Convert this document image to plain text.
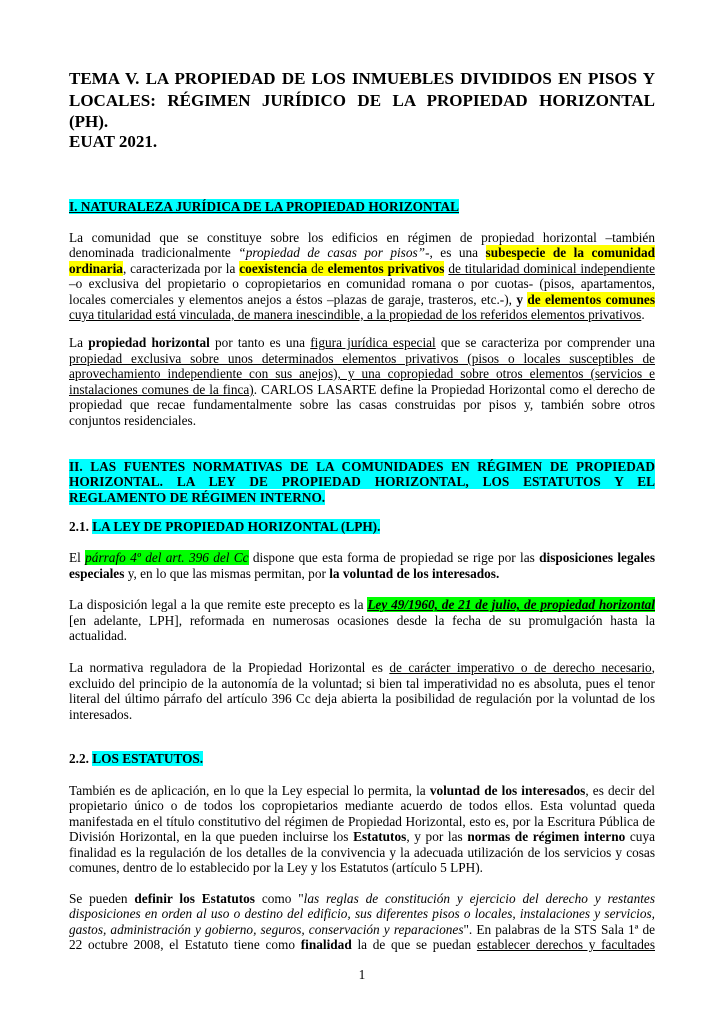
TEMA V. LA PROPIEDAD DE LOS INMUEBLES DIVIDIDOS EN PISOS Y
LOCALES: RÉGIMEN JURÍDICO DE LA PROPIEDAD HORIZONTAL
(PH).
EUAT 2021.
I. NATURALEZA JURÍDICA DE LA PROPIEDAD HORIZONTAL
La comunidad que se constituye sobre los edificios en régimen de propiedad horizontal –también
denominada tradicionalmente “propiedad de casas por pisos”-, es una subespecie de la comunidad
ordinaria, caracterizada por la coexistencia de elementos privativos de titularidad dominical independiente
–o exclusiva del propietario o copropietarios en comunidad romana o por cuotas- (pisos, apartamentos,
locales comerciales y elementos anejos a éstos –plazas de garaje, trasteros, etc.-), y de elementos comunes
cuya titularidad está vinculada, de manera inescindible, a la propiedad de los referidos elementos privativos.
La propiedad horizontal por tanto es una figura jurídica especial que se caracteriza por comprender una
propiedad exclusiva sobre unos determinados elementos privativos (pisos o locales susceptibles de
aprovechamiento independiente con sus anejos), y una copropiedad sobre otros elementos (servicios e
instalaciones comunes de la finca). CARLOS LASARTE define la Propiedad Horizontal como el derecho de
propiedad que recae fundamentalmente sobre las casas construidas por pisos y, también sobre otros
conjuntos residenciales.
II. LAS FUENTES NORMATIVAS DE LA COMUNIDADES EN RÉGIMEN DE PROPIEDAD
HORIZONTAL. LA LEY DE PROPIEDAD HORIZONTAL, LOS ESTATUTOS Y EL
REGLAMENTO DE RÉGIMEN INTERNO.
2.1. LA LEY DE PROPIEDAD HORIZONTAL (LPH).
El párrafo 4º del art. 396 del Cc dispone que esta forma de propiedad se rige por las disposiciones legales
especiales y, en lo que las mismas permitan, por la voluntad de los interesados.
La disposición legal a la que remite este precepto es la Ley 49/1960, de 21 de julio, de propiedad horizontal
[en adelante, LPH], reformada en numerosas ocasiones desde la fecha de su promulgación hasta la
actualidad.
La normativa reguladora de la Propiedad Horizontal es de carácter imperativo o de derecho necesario,
excluido del principio de la autonomía de la voluntad; si bien tal imperatividad no es absoluta, pues el tenor
literal del último párrafo del artículo 396 Cc deja abierta la posibilidad de regulación por la voluntad de los
interesados.
2.2. LOS ESTATUTOS.
También es de aplicación, en lo que la Ley especial lo permita, la voluntad de los interesados, es decir del
propietario único o de todos los copropietarios mediante acuerdo de todos ellos. Esta voluntad queda
manifestada en el título constitutivo del régimen de Propiedad Horizontal, esto es, por la Escritura Pública de
División Horizontal, en la que pueden incluirse los Estatutos, y por las normas de régimen interno cuya
finalidad es la regulación de los detalles de la convivencia y la adecuada utilización de los servicios y cosas
comunes, dentro de lo establecido por la Ley y los Estatutos (artículo 5 LPH).
Se pueden definir los Estatutos como "las reglas de constitución y ejercicio del derecho y restantes
disposiciones en orden al uso o destino del edificio, sus diferentes pisos o locales, instalaciones y servicios,
gastos, administración y gobierno, seguros, conservación y reparaciones". En palabras de la STS Sala 1ª de
22 octubre 2008, el Estatuto tiene como finalidad la de que se puedan establecer derechos y facultades
1
